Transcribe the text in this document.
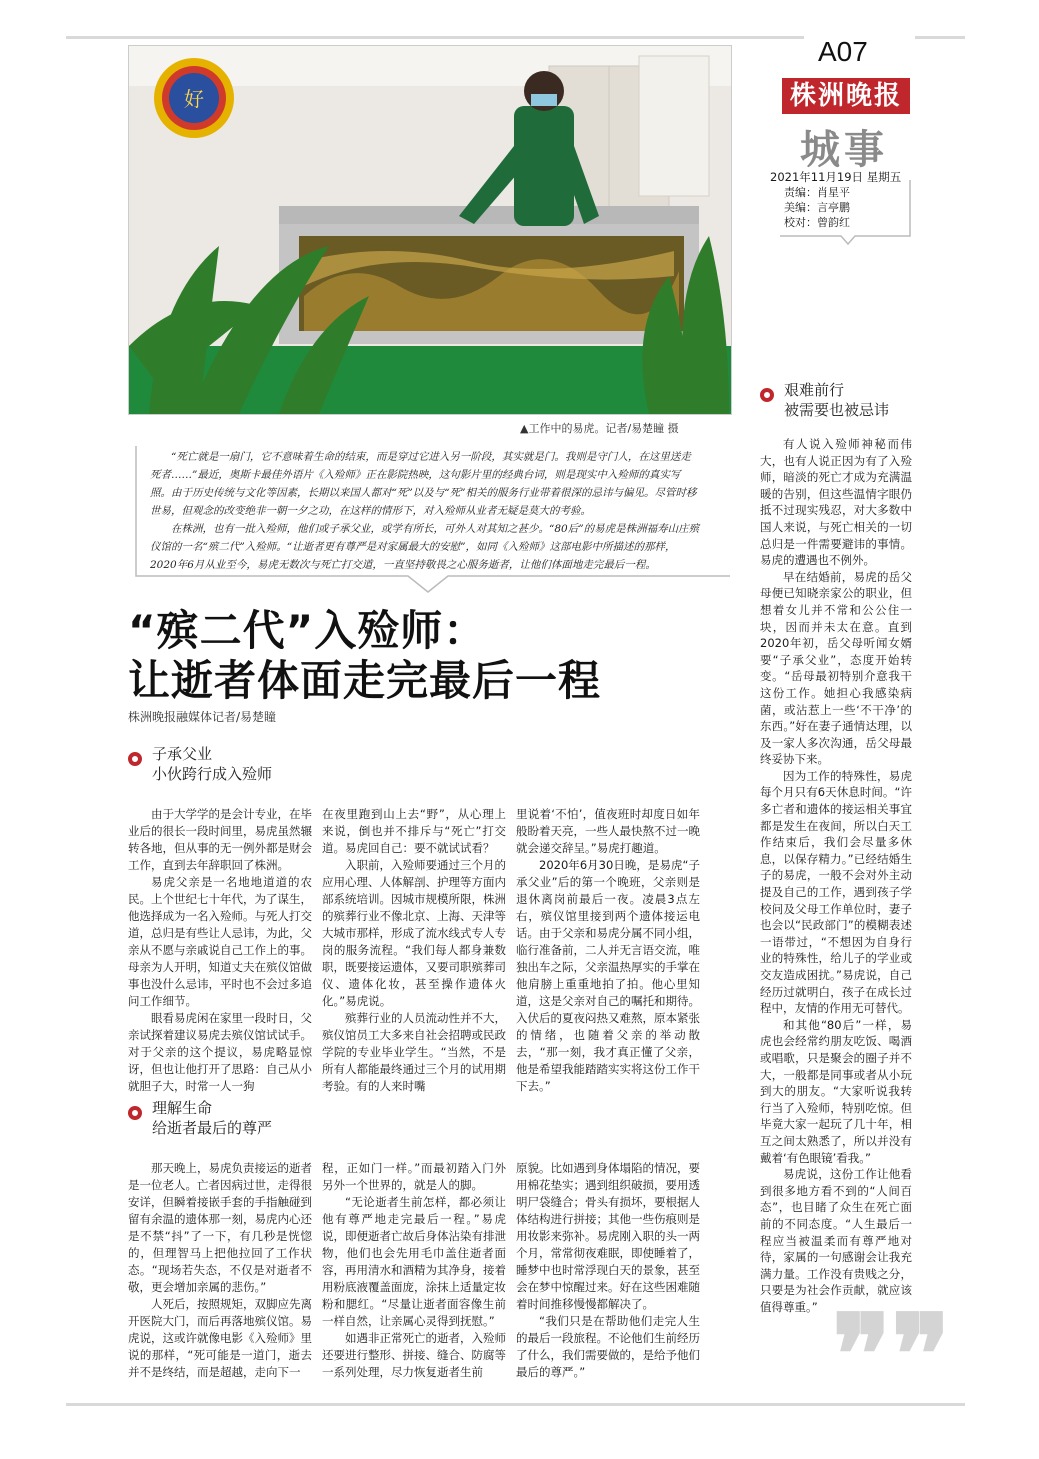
A07
株洲晚报
城事
2021年11月19日 星期五
责编：肖星平
美编：言亭鹏
校对：曾韵红
好
▲工作中的易虎。记者/易楚瞳 摄

“死亡就是一扇门，它不意味着生命的结束，而是穿过它进入另一阶段，其实就是门。我则是守门人，在这里送走死者……”最近，奥斯卡最佳外语片《入殓师》正在影院热映，这句影片里的经典台词，则是现实中入殓师的真实写照。由于历史传统与文化等因素，长期以来国人都对“死”以及与“死”相关的服务行业带着很深的忌讳与偏见。尽管时移世易，但观念的改变绝非一朝一夕之功，在这样的情形下，对入殓师从业者无疑是莫大的考验。

在株洲，也有一批入殓师，他们或子承父业，或学有所长，可外人对其知之甚少。“80后”的易虎是株洲福寿山庄殡仪馆的一名“殡二代”入殓师。“让逝者更有尊严是对家属最大的安慰”，如同《入殓师》这部电影中所描述的那样，2020年6月从业至今，易虎无数次与死亡打交道，一直坚持敬畏之心服务逝者，让他们体面地走完最后一程。

“殡二代”入殓师：
让逝者体面走完最后一程
株洲晚报融媒体记者/易楚瞳
子承父业
小伙跨行成入殓师

由于大学学的是会计专业，在毕业后的很长一段时间里，易虎虽然辗转各地，但从事的无一例外都是财会工作，直到去年辞职回了株洲。

易虎父亲是一名地地道道的农民。上个世纪七十年代，为了谋生，他选择成为一名入殓师。与死人打交道，总归是有些让人忌讳，为此，父亲从不愿与亲戚说自己工作上的事。母亲为人开明，知道丈夫在殡仪馆做事也没什么忌讳，平时也不会过多追问工作细节。

眼看易虎闲在家里一段时日，父亲试探着建议易虎去殡仪馆试试手。对于父亲的这个提议，易虎略显惊讶，但也让他打开了思路：自己从小就胆子大，时常一人一狗

在夜里跑到山上去“野”，从心理上来说，倒也并不排斥与“死亡”打交道。易虎回自己：要不就试试看？

入职前，入殓师要通过三个月的应用心理、人体解剖、护理等方面内部系统培训。因城市规模所限，株洲的殡葬行业不像北京、上海、天津等大城市那样，形成了流水线式专人专岗的服务流程。“我们每人都身兼数职，既要接运遗体，又要司职殡葬司仪、遗体化妆，甚至操作遗体火化。”易虎说。

殡葬行业的人员流动性并不大，殡仪馆员工大多来自社会招聘或民政学院的专业毕业学生。“当然，不是所有人都能最终通过三个月的试用期考验。有的人来时嘴

里说着‘不怕’，值夜班时却度日如年般盼着天亮，一些人最快熬不过一晚就会递交辞呈。”易虎打趣道。

2020年6月30日晚，是易虎“子承父业”后的第一个晚班，父亲则是退休离岗前最后一夜。凌晨3点左右，殡仪馆里接到两个遗体接运电话。由于父亲和易虎分属不同小组，临行准备前，二人并无言语交流，唯独出车之际，父亲温热厚实的手掌在他肩膀上重重地拍了拍。他心里知道，这是父亲对自己的嘱托和期待。入伏后的夏夜闷热又难熬，原本紧张的情绪，也随着父亲的举动散去，“那一刻，我才真正懂了父亲，他是希望我能踏踏实实将这份工作干下去。”

理解生命
给逝者最后的尊严

那天晚上，易虎负责接运的逝者是一位老人。亡者因病过世，走得很安详，但瞬着接嵌手套的手指触碰到留有余温的遗体那一刻，易虎内心还是不禁“抖”了一下，有几秒是恍惚的，但理智马上把他拉回了工作状态。“现场若失态，不仅是对逝者不敬，更会增加亲属的悲伤。”

人死后，按照规矩，双脚应先离开医院大门，而后再落地殡仪馆。易虎说，这或许就像电影《入殓师》里说的那样，“死可能是一道门，逝去并不是终结，而是超越，走向下一

程，正如门一样。”而最初踏入门外另外一个世界的，就是人的脚。

“无论逝者生前怎样，都必须让他有尊严地走完最后一程。”易虎说，即便逝者亡故后身体沾染有排泄物，他们也会先用毛巾盖住逝者面容，再用清水和酒精为其净身，接着用粉底液覆盖面庞，涂抹上适量定妆粉和腮红。“尽量让逝者面容像生前一样自然，让亲属心灵得到抚慰。”

如遇非正常死亡的逝者，入殓师还要进行整形、拼接、缝合、防腐等一系列处理，尽力恢复逝者生前

原貌。比如遇到身体塌陷的情况，要用棉花垫实；遇到组织破损，要用透明尸袋缝合；骨头有损坏，要根据人体结构进行拼接；其他一些伤痕则是用妆影来弥补。易虎刚入职的头一两个月，常常彻夜难眠，即使睡着了，睡梦中也时常浮现白天的景象，甚至会在梦中惊醒过来。好在这些困难随着时间推移慢慢都解决了。

“我们只是在帮助他们走完人生的最后一段旅程。不论他们生前经历了什么，我们需要做的，是给予他们最后的尊严。”

艰难前行
被需要也被忌讳

有人说入殓师神秘而伟大，也有人说正因为有了入殓师，暗淡的死亡才成为充满温暖的告别，但这些温情字眼仍抵不过现实残忍，对大多数中国人来说，与死亡相关的一切总归是一件需要避讳的事情。易虎的遭遇也不例外。

早在结婚前，易虎的岳父母便已知晓亲家公的职业，但想着女儿并不常和公公住一块，因而并未太在意。直到2020年初，岳父母听闻女婿要“子承父业”，态度开始转变。“岳母最初特别介意我干这份工作。她担心我感染病菌，或沾惹上一些‘不干净’的东西。”好在妻子通情达理，以及一家人多次沟通，岳父母最终妥协下来。

因为工作的特殊性，易虎每个月只有6天休息时间。“许多亡者和遗体的接运相关事宜都是发生在夜间，所以白天工作结束后，我们会尽量多休息，以保存精力。”已经结婚生子的易虎，一般不会对外主动提及自己的工作，遇到孩子学校问及父母工作单位时，妻子也会以“民政部门”的模糊表述一语带过，“不想因为自身行业的特殊性，给儿子的学业或交友造成困扰。”易虎说，自己经历过就明白，孩子在成长过程中，友情的作用无可替代。

和其他“80后”一样，易虎也会经常约朋友吃饭、喝酒或唱歌，只是聚会的圈子并不大，一般都是同事或者从小玩到大的朋友。“大家听说我转行当了入殓师，特别吃惊。但毕竟大家一起玩了几十年，相互之间太熟悉了，所以并没有戴着‘有色眼镜’看我。”

易虎说，这份工作让他看到很多地方看不到的“人间百态”，也目睹了众生在死亡面前的不同态度。“人生最后一程应当被温柔而有尊严地对待，家属的一句感谢会让我充满力量。工作没有贵贱之分，只要是为社会作贡献，就应该值得尊重。” ❞❞
